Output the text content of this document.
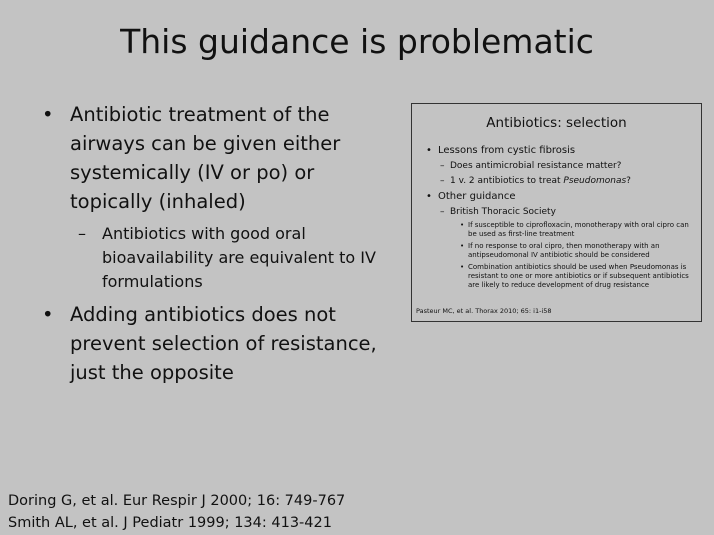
This guidance is problematic
• Antibiotic treatment of the airways can be given either systemically (IV or po) or topically (inhaled)
– Antibiotics with good oral bioavailability are equivalent to IV formulations
• Adding antibiotics does not prevent selection of resistance, just the opposite
Antibiotics: selection
• Lessons from cystic fibrosis
– Does antimicrobial resistance matter?
– 1 v. 2 antibiotics to treat Pseudomonas?
• Other guidance
– British Thoracic Society
• If susceptible to ciprofloxacin, monotherapy with oral cipro can be used as first-line treatment
• If no response to oral cipro, then monotherapy with an antipseudomonal IV antibiotic should be considered
• Combination antibiotics should be used when Pseudomonas is resistant to one or more antibiotics or if subsequent antibiotics are likely to reduce development of drug resistance
Pasteur MC, et al. Thorax 2010; 65: i1-i58
Doring G, et al. Eur Respir J 2000; 16: 749-767
Smith AL, et al. J Pediatr 1999; 134: 413-421
